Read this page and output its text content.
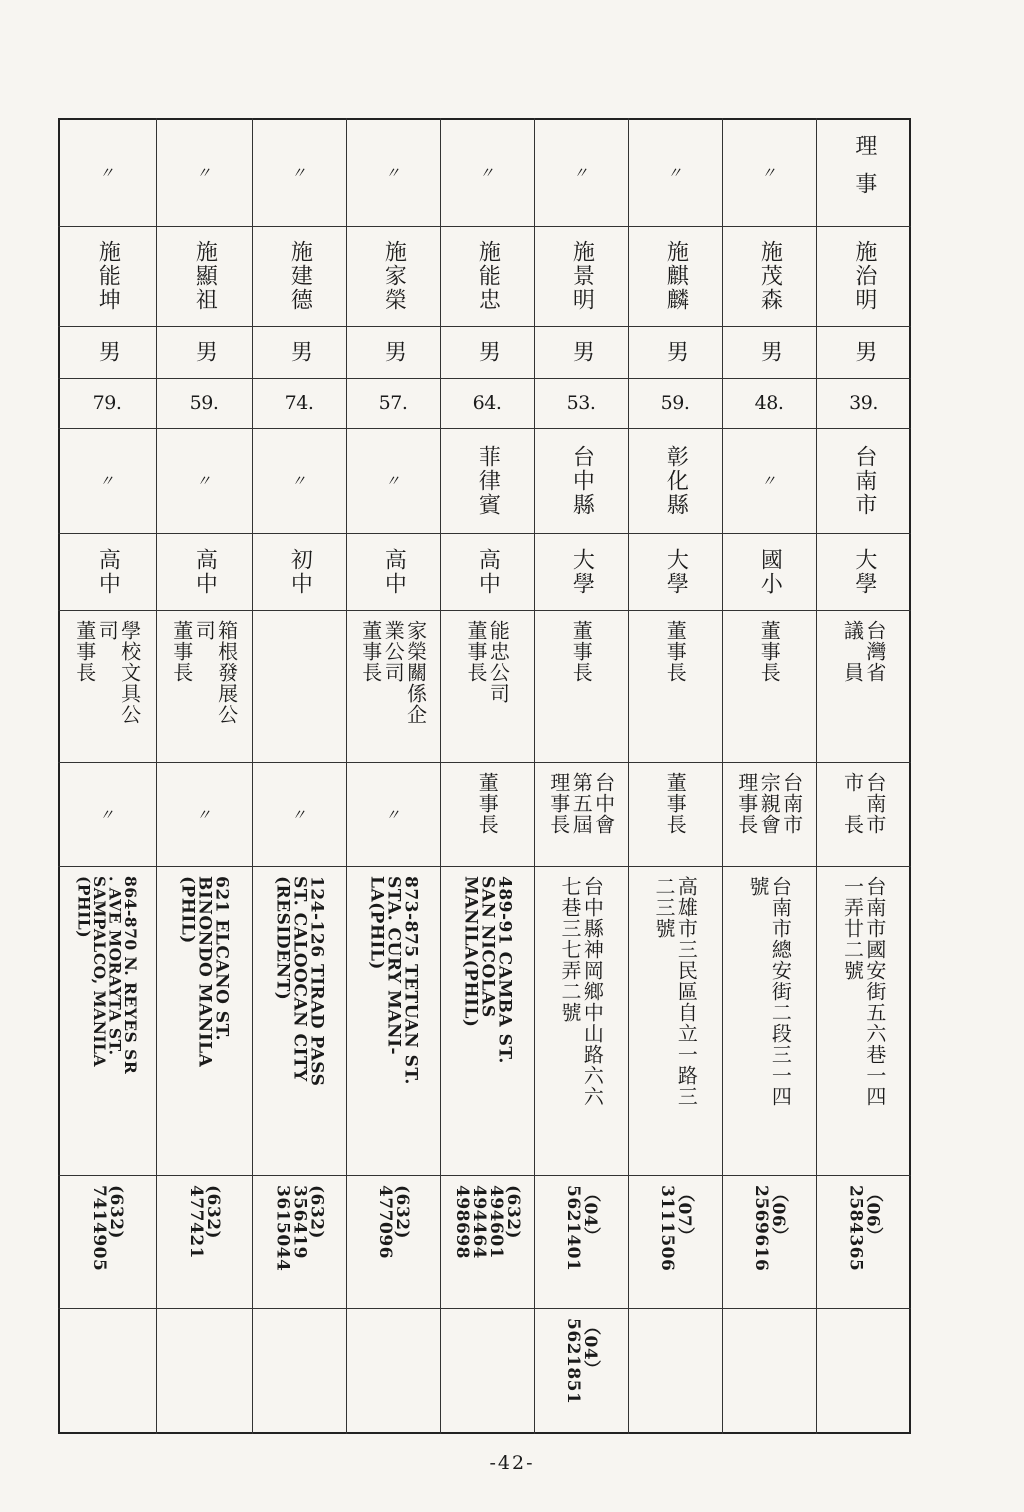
理事
施治明
男
39.
台南市
大學
台灣省
議　員
台南市
市　長
台南市國安街五六巷一四
一弄廿二號
（06）
2584365
〃
施茂森
男
48.
〃
國小
董事長
台南市
宗親會
理事長
台南市總安街二段三一四
號
（06）
2569616
〃
施麒麟
男
59.
彰化縣
大學
董事長
董事長
高雄市三民區自立一路三
二三號
（07）
3111506
〃
施景明
男
53.
台中縣
大學
董事長
台中會
第五屆
理事長
台中縣神岡鄉中山路六六
七巷三七弄二號
（04）
5621401
（04）
5621851
〃
施能忠
男
64.
菲律賓
高中
能忠公司
董事長
董事長
489-91 CAMBA ST.
SAN NICOLAS
MANILA(PHIL)
(632)
494601
494464
498698
〃
施家榮
男
57.
〃
高中
家榮關係企
業公司
董事長
〃
873-875 TETUAN ST.
STA. CURY MANI-
LA(PHIL)
(632)
477096
〃
施建德
男
74.
〃
初中
〃
124-126 TIRAD PASS
ST. CALOOCAN CITY
(RESIDENT)
(632)
356419
3615044
〃
施顯祖
男
59.
〃
高中
箱根發展公
司
董事長
〃
621 ELCANO ST.
BINONDO MANILA
(PHIL)
(632)
477421
〃
施能坤
男
79.
〃
高中
學校文具公
司
董事長
〃
864-870 N. REYES SR
. AVE MORAYTA ST.
SAMPALCO, MANILA
(PHIL)
(632)
7414905
-42-
